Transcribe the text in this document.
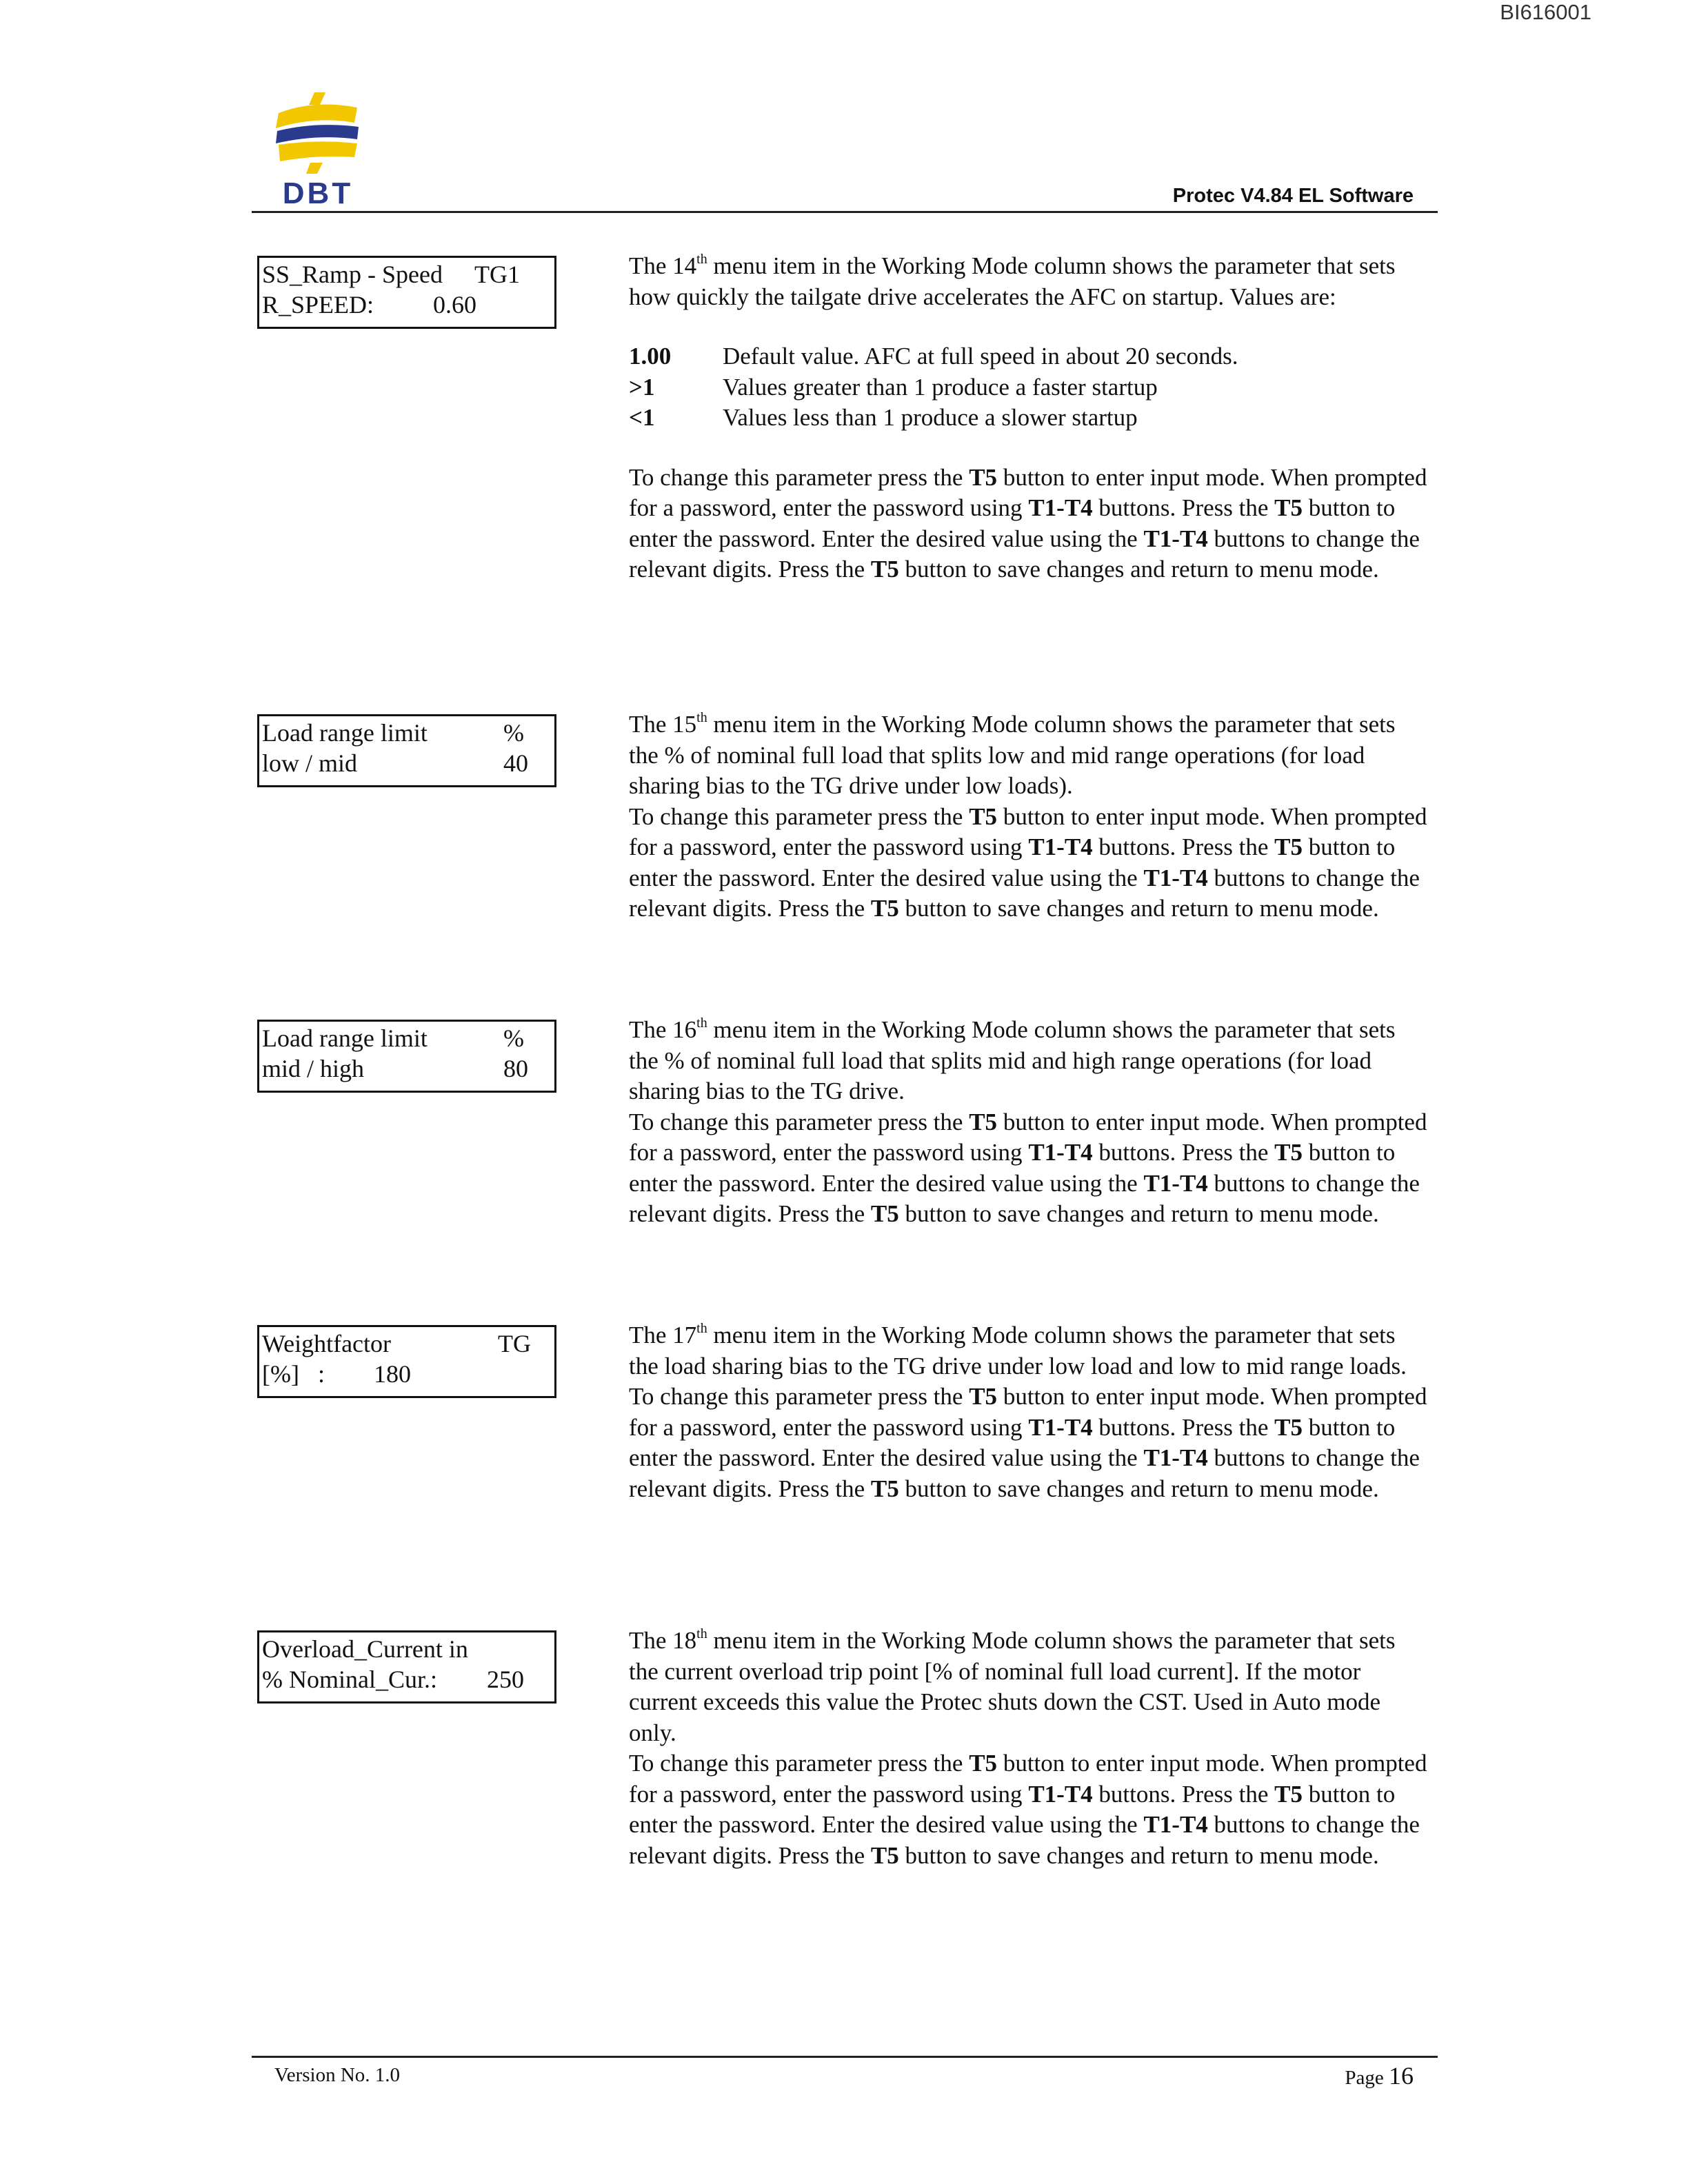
BI616001
DBT	Protec V4.84 EL Software
SS_Ramp - Speed TG1
R_SPEED: 0.60

The 14th menu item in the Working Mode column shows the parameter that sets how quickly the tailgate drive accelerates the AFC on startup. Values are:

1.00 Default value. AFC at full speed in about 20 seconds.
>1	Values greater than 1 produce a faster startup
<1	Values less than 1 produce a slower startup

To change this parameter press the T5 button to enter input mode. When prompted for a password, enter the password using T1-T4 buttons. Press the T5 button to enter the password. Enter the desired value using the T1-T4 buttons to change the relevant digits. Press the T5 button to save changes and return to menu mode.

Load range limit	%
low / mid	40

The 15th menu item in the Working Mode column shows the parameter that sets the % of nominal full load that splits low and mid range operations (for load sharing bias to the TG drive under low loads).

To change this parameter press the T5 button to enter input mode. When prompted for a password, enter the password using T1-T4 buttons. Press the T5 button to enter the password. Enter the desired value using the T1-T4 buttons to change the relevant digits. Press the T5 button to save changes and return to menu mode.

Load range limit	%
mid / high	80

The 16th menu item in the Working Mode column shows the parameter that sets the % of nominal full load that splits mid and high range operations (for load sharing bias to the TG drive.

To change this parameter press the T5 button to enter input mode. When prompted for a password, enter the password using T1-T4 buttons. Press the T5 button to enter the password. Enter the desired value using the T1-T4 buttons to change the relevant digits. Press the T5 button to save changes and return to menu mode.

Weightfactor	TG
[%]   : 180

The 17th menu item in the Working Mode column shows the parameter that sets the load sharing bias to the TG drive under low load and low to mid range loads.

To change this parameter press the T5 button to enter input mode. When prompted for a password, enter the password using T1-T4 buttons. Press the T5 button to enter the password. Enter the desired value using the T1-T4 buttons to change the relevant digits. Press the T5 button to save changes and return to menu mode.

Overload_Current in
% Nominal_Cur.: 250

The 18th menu item in the Working Mode column shows the parameter that sets the current overload trip point [% of nominal full load current]. If the motor current exceeds this value the Protec shuts down the CST. Used in Auto mode only.

To change this parameter press the T5 button to enter input mode. When prompted for a password, enter the password using T1-T4 buttons. Press the T5 button to enter the password. Enter the desired value using the T1-T4 buttons to change the relevant digits. Press the T5 button to save changes and return to menu mode.

Version No. 1.0	Page 16
